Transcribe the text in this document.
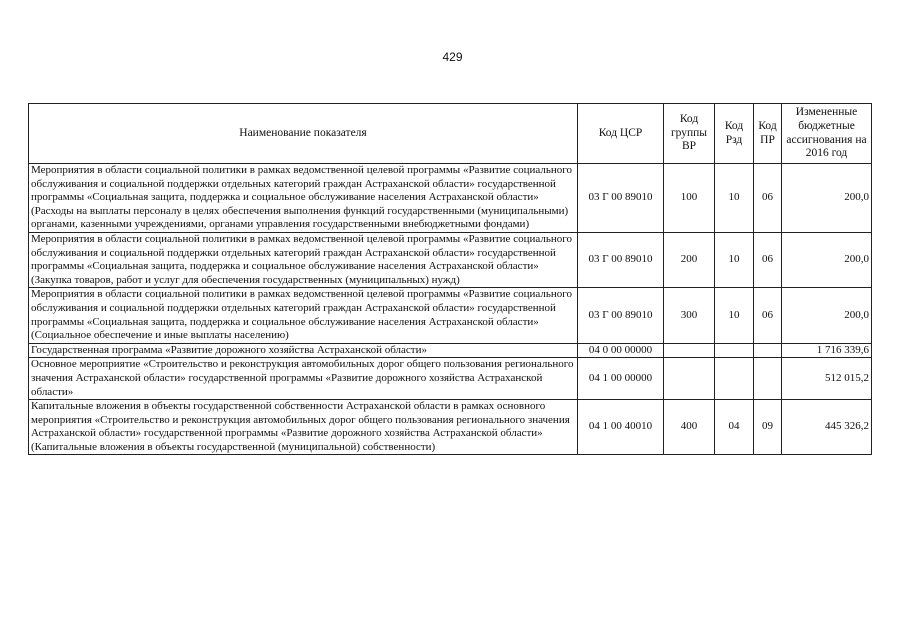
429
Наименование показателя	Код ЦСР	Код группы ВР	Код Рзд	Код ПР	Измененные бюджетные ассигнования на 2016 год
Мероприятия в области социальной политики в рамках ведомственной целевой программы «Развитие социального обслуживания и социальной поддержки отдельных категорий граждан Астраханской области» государственной программы «Социальная защита, поддержка и социальное обслуживание населения Астраханской области» (Расходы на выплаты персоналу в целях обеспечения выполнения функций государственными (муниципальными) органами, казенными учреждениями, органами управления государственными внебюджетными фондами)	03 Г 00 89010	100	10	06	200,0
Мероприятия в области социальной политики в рамках ведомственной целевой программы «Развитие социального обслуживания и социальной поддержки отдельных категорий граждан Астраханской области» государственной программы «Социальная защита, поддержка и социальное обслуживание населения Астраханской области» (Закупка товаров, работ и услуг для обеспечения государственных (муниципальных) нужд)	03 Г 00 89010	200	10	06	200,0
Мероприятия в области социальной политики в рамках ведомственной целевой программы «Развитие социального обслуживания и социальной поддержки отдельных категорий граждан Астраханской области» государственной программы «Социальная защита, поддержка и социальное обслуживание населения Астраханской области» (Социальное обеспечение и иные выплаты населению)	03 Г 00 89010	300	10	06	200,0
Государственная программа «Развитие дорожного хозяйства Астраханской области»	04 0 00 00000				1 716 339,6
Основное мероприятие «Строительство и реконструкция автомобильных дорог общего пользования регионального значения Астраханской области» государственной программы «Развитие дорожного хозяйства Астраханской области»	04 1 00 00000				512 015,2
Капитальные вложения в объекты государственной собственности Астраханской области в рамках основного мероприятия «Строительство и реконструкция автомобильных дорог общего пользования регионального значения Астраханской области» государственной программы «Развитие дорожного хозяйства Астраханской области» (Капитальные вложения в объекты государственной (муниципальной) собственности)	04 1 00 40010	400	04	09	445 326,2
